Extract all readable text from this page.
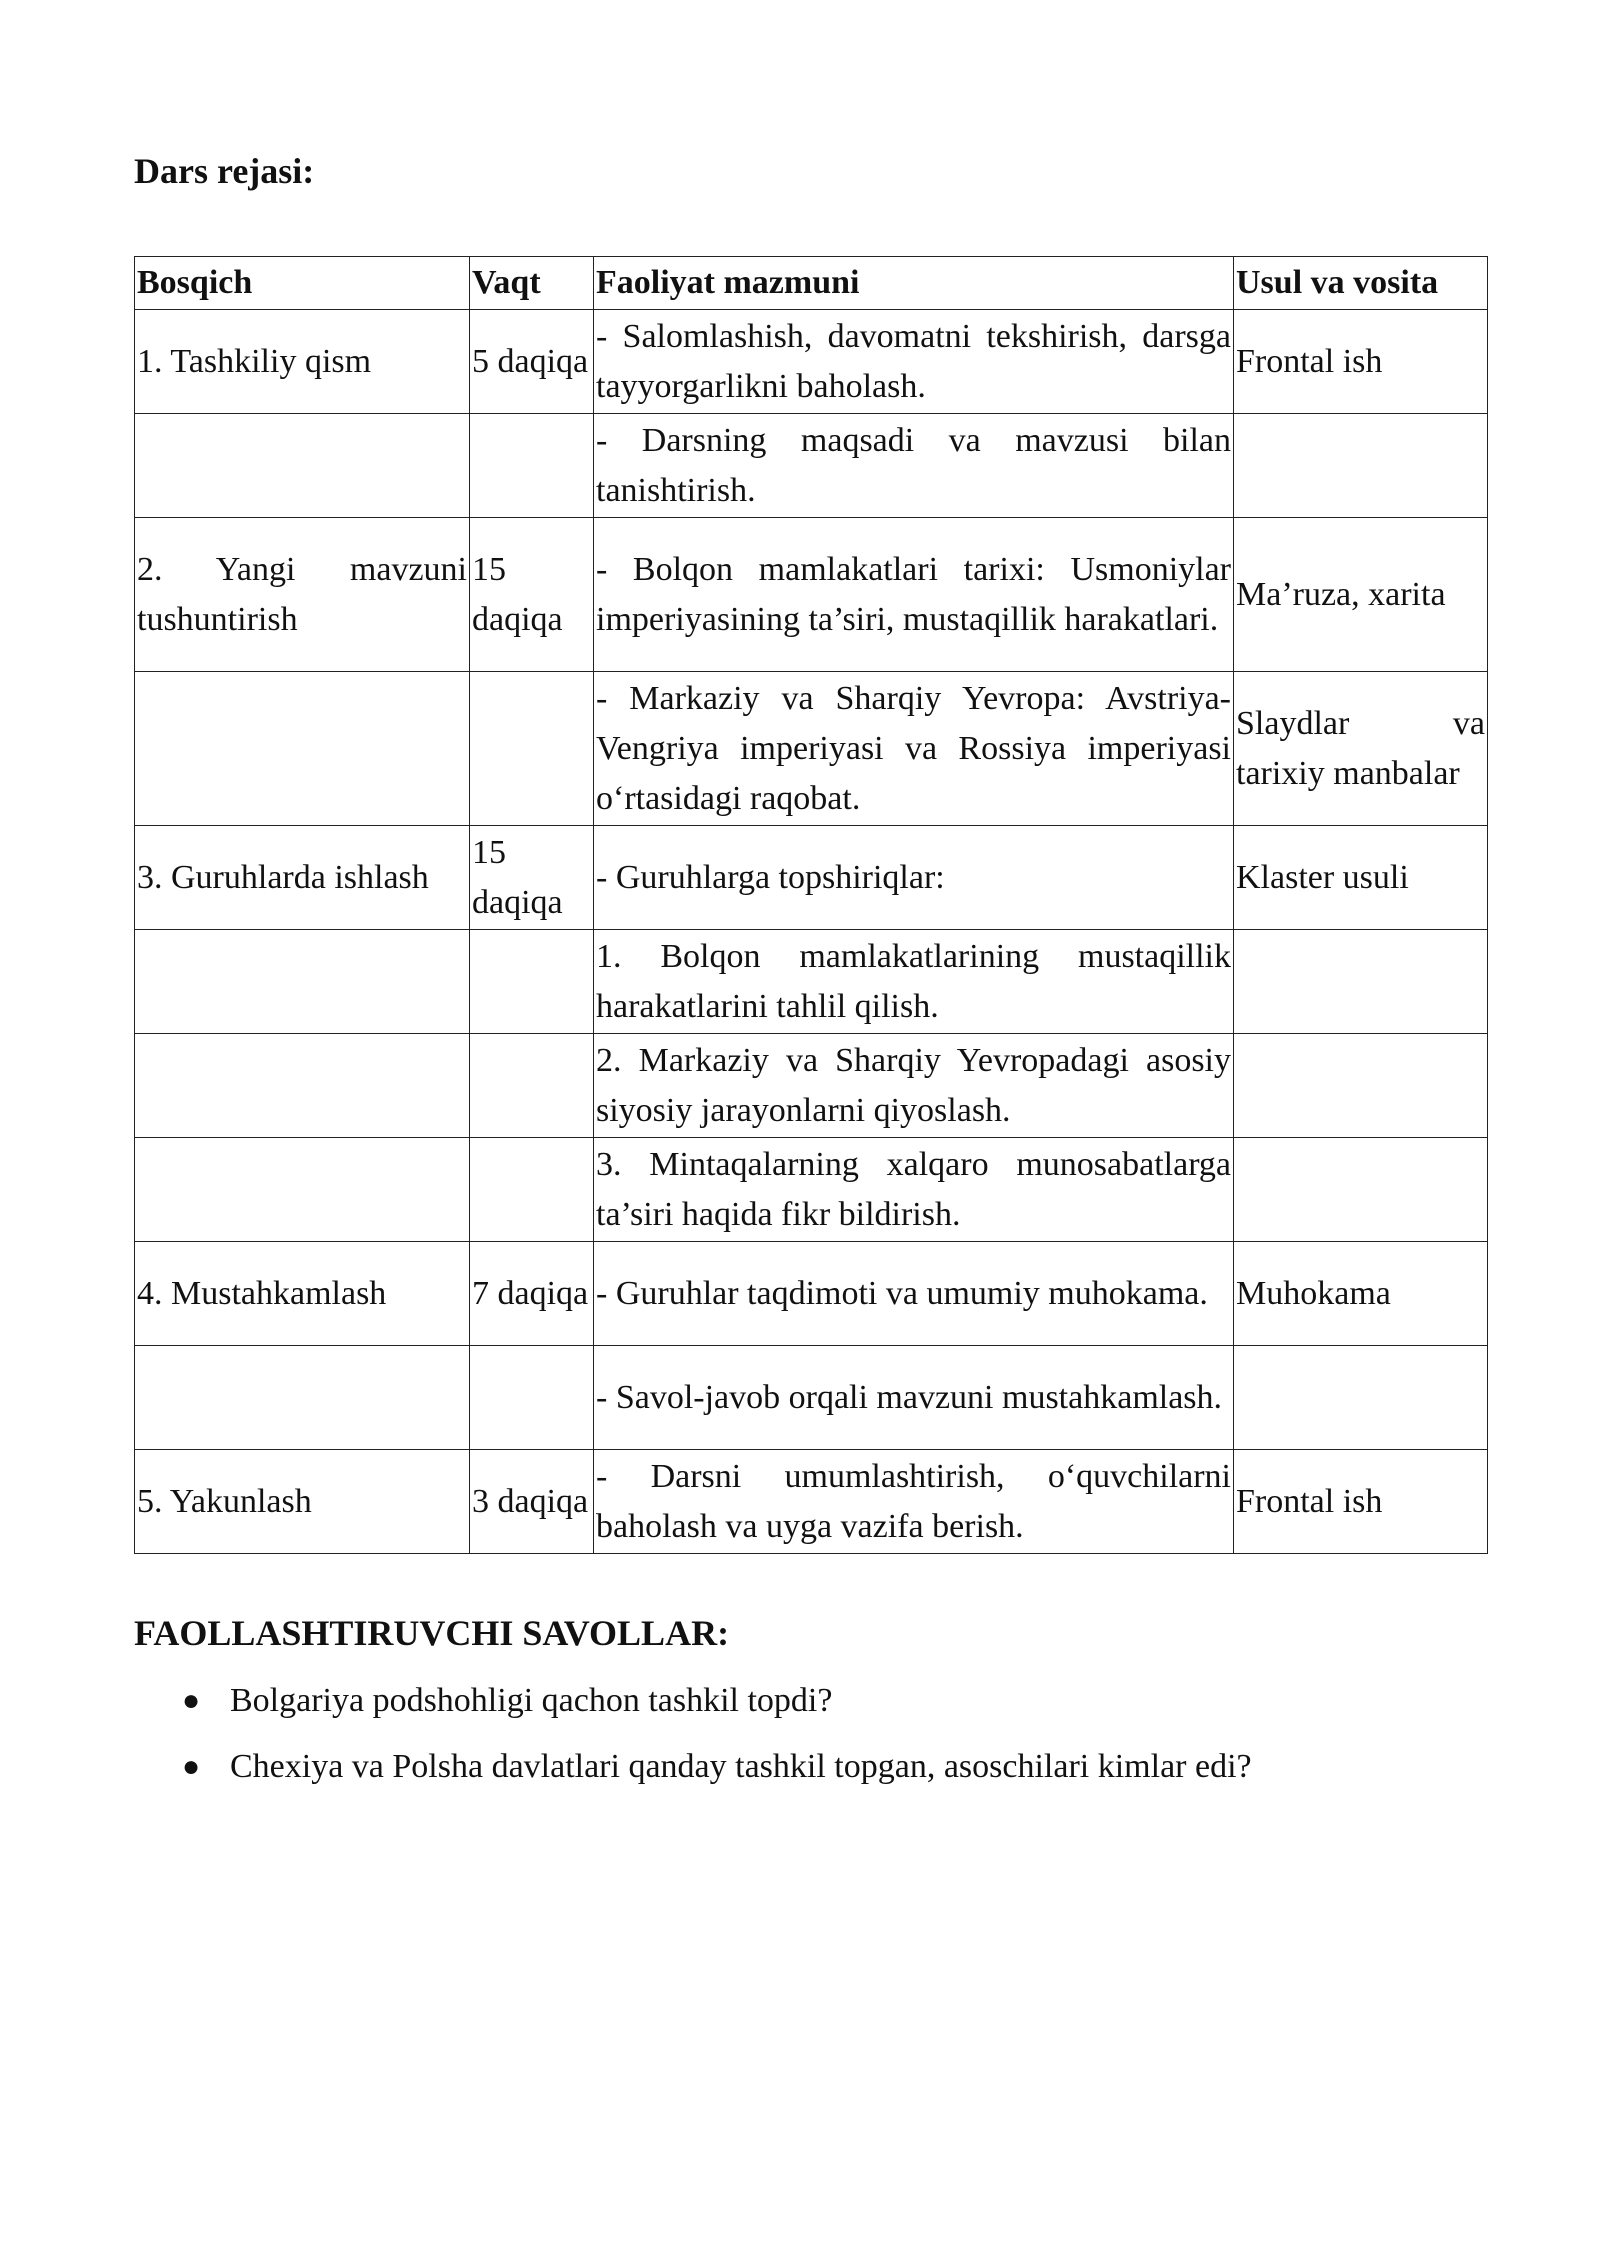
Dars rejasi:
Bosqich	Vaqt	Faoliyat mazmuni	Usul va vosita
1. Tashkiliy qism	5 daqiqa	- Salomlashish, davomatni tekshirish, darsga tayyorgarlikni baholash.	Frontal ish
		- Darsning maqsadi va mavzusi bilan tanishtirish.	
2. Yangi mavzuni tushuntirish	15 daqiqa	- Bolqon mamlakatlari tarixi: Usmoniylar imperiyasining ta’siri, mustaqillik harakatlari.	Ma’ruza, xarita
		- Markaziy va Sharqiy Yevropa: Avstriya-Vengriya imperiyasi va Rossiya imperiyasi o‘rtasidagi raqobat.	Slaydlar va tarixiy manbalar
3. Guruhlarda ishlash	15 daqiqa	- Guruhlarga topshiriqlar:	Klaster usuli
		1. Bolqon mamlakatlarining mustaqillik harakatlarini tahlil qilish.	
		2. Markaziy va Sharqiy Yevropadagi asosiy siyosiy jarayonlarni qiyoslash.	
		3. Mintaqalarning xalqaro munosabatlarga ta’siri haqida fikr bildirish.	
4. Mustahkamlash	7 daqiqa	- Guruhlar taqdimoti va umumiy muhokama.	Muhokama
		- Savol-javob orqali mavzuni mustahkamlash.	
5. Yakunlash	3 daqiqa	- Darsni umumlashtirish, o‘quvchilarni baholash va uyga vazifa berish.	Frontal ish
FAOLLASHTIRUVCHI SAVOLLAR:
● Bolgariya podshohligi qachon tashkil topdi?
● Chexiya va Polsha davlatlari qanday tashkil topgan, asoschilari kimlar edi?
